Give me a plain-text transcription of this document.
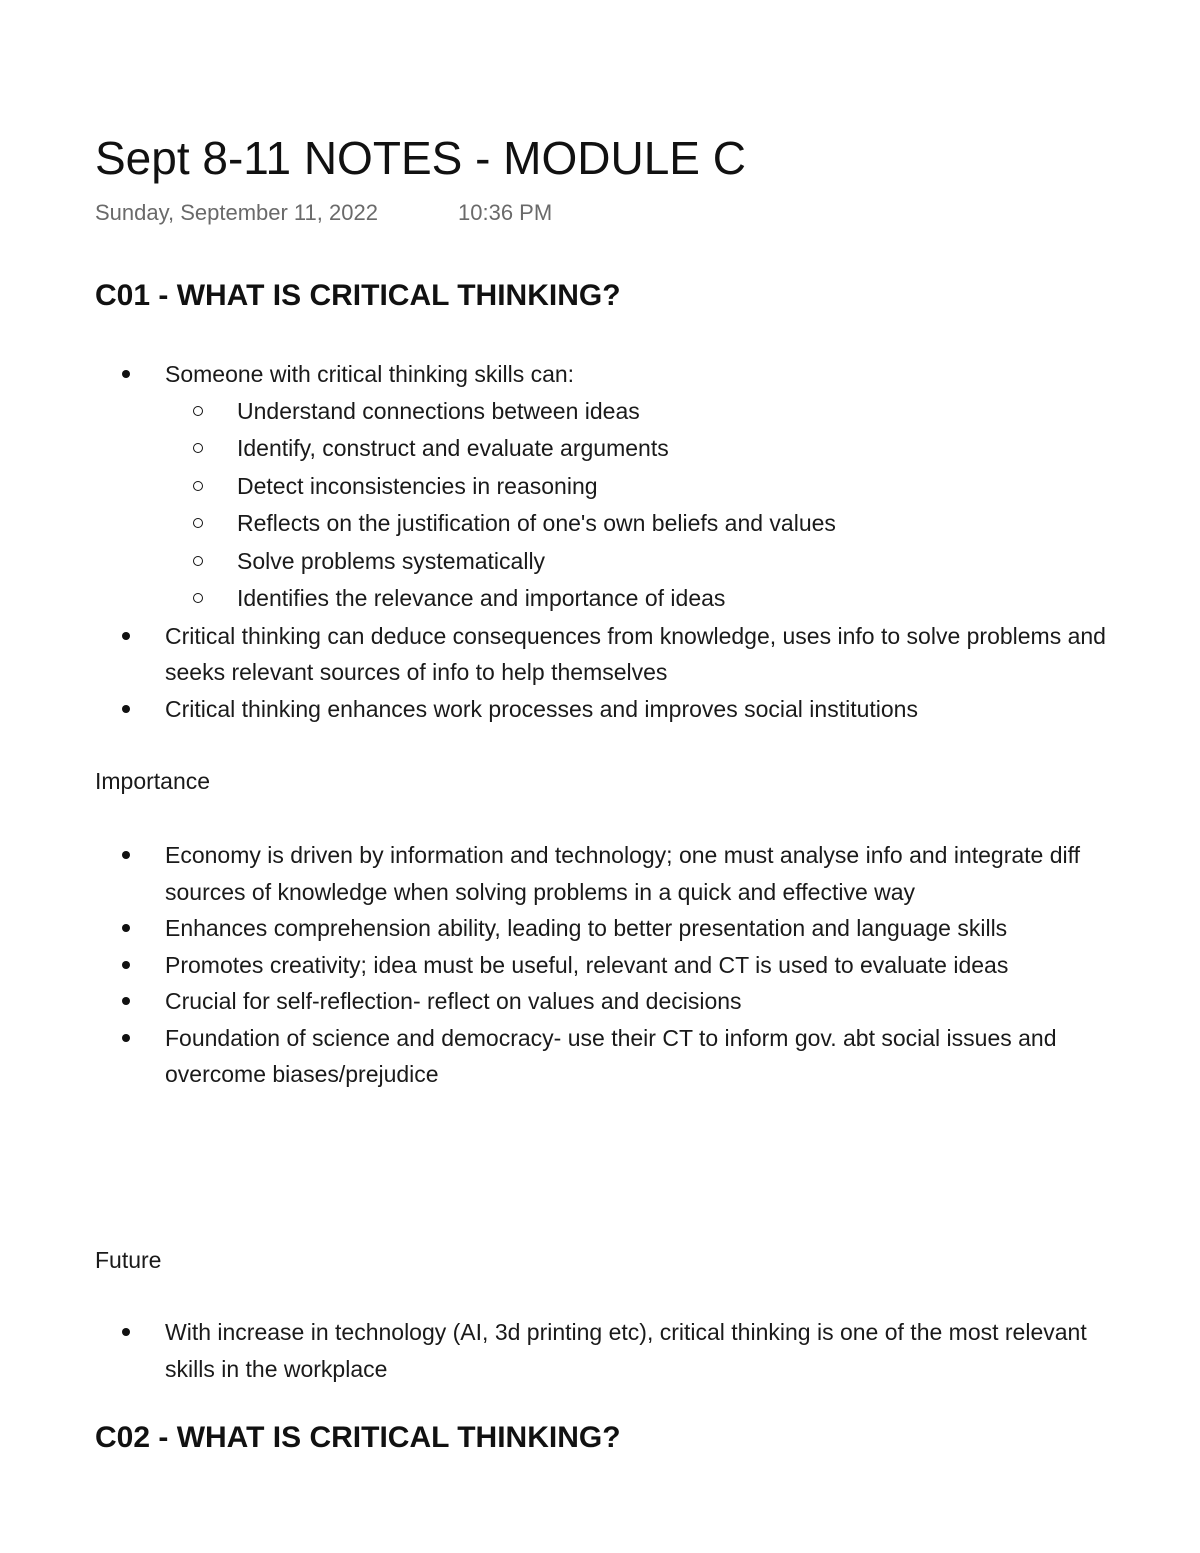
Sept 8-11 NOTES - MODULE C
Sunday, September 11, 2022	10:36 PM
C01 - WHAT IS CRITICAL THINKING?
Someone with critical thinking skills can:
Understand connections between ideas
Identify, construct and evaluate arguments
Detect inconsistencies in reasoning
Reflects on the justification of one's own beliefs and values
Solve problems systematically
Identifies the relevance and importance of ideas
Critical thinking can deduce consequences from knowledge, uses info to solve problems and seeks relevant sources of info to help themselves
Critical thinking enhances work processes and improves social institutions
Importance
Economy is driven by information and technology; one must analyse info and integrate diff sources of knowledge when solving problems in a quick and effective way
Enhances comprehension ability, leading to better presentation and language skills
Promotes creativity; idea must be useful, relevant and CT is used to evaluate ideas
Crucial for self-reflection- reflect on values and decisions
Foundation of science and democracy- use their CT to inform gov. abt social issues and overcome biases/prejudice
Future
With increase in technology (AI, 3d printing etc), critical thinking is one of the most relevant skills in the workplace
C02 - WHAT IS CRITICAL THINKING?
